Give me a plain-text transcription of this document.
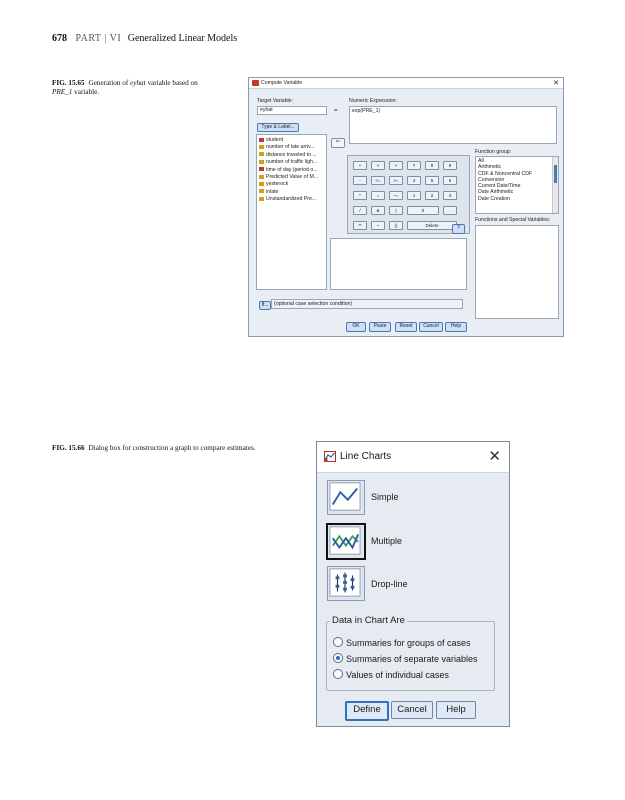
678 PART | VI Generalized Linear Models
FIG. 15.65 Generation of eyhat variable based on
PRE_1 variable.
Compute Variable	✕
Target Variable:
eyhat	=
Numeric Expression:
exp(PRE_1)
Type & Label...
student
number of late arriv...
distance traveled to ...
number of traffic ligh...
time of day (period o...
Predicted Value of M...
yesterock
inlate
Unstandardized Pre...
⇐
+	<	>	7	8	9
-	<=	>=	4	5	6
*	=	~=	1	2	3
/	&	|	0	.
**	~	()	Delete	?
Function group:
All
Arithmetic
CDF & Noncentral CDF
Conversion
Current Date/Time
Date Arithmetic
Date Creation
Functions and Special Variables:
If...	(optional case selection condition)
OK	Paste	Reset	Cancel	Help
FIG. 15.66 Dialog box for construction a graph to compare estimates.
Line Charts	✕
Simple
Multiple
Drop-line
Data in Chart Are
Summaries for groups of cases
Summaries of separate variables
Values of individual cases
Define	Cancel	Help
